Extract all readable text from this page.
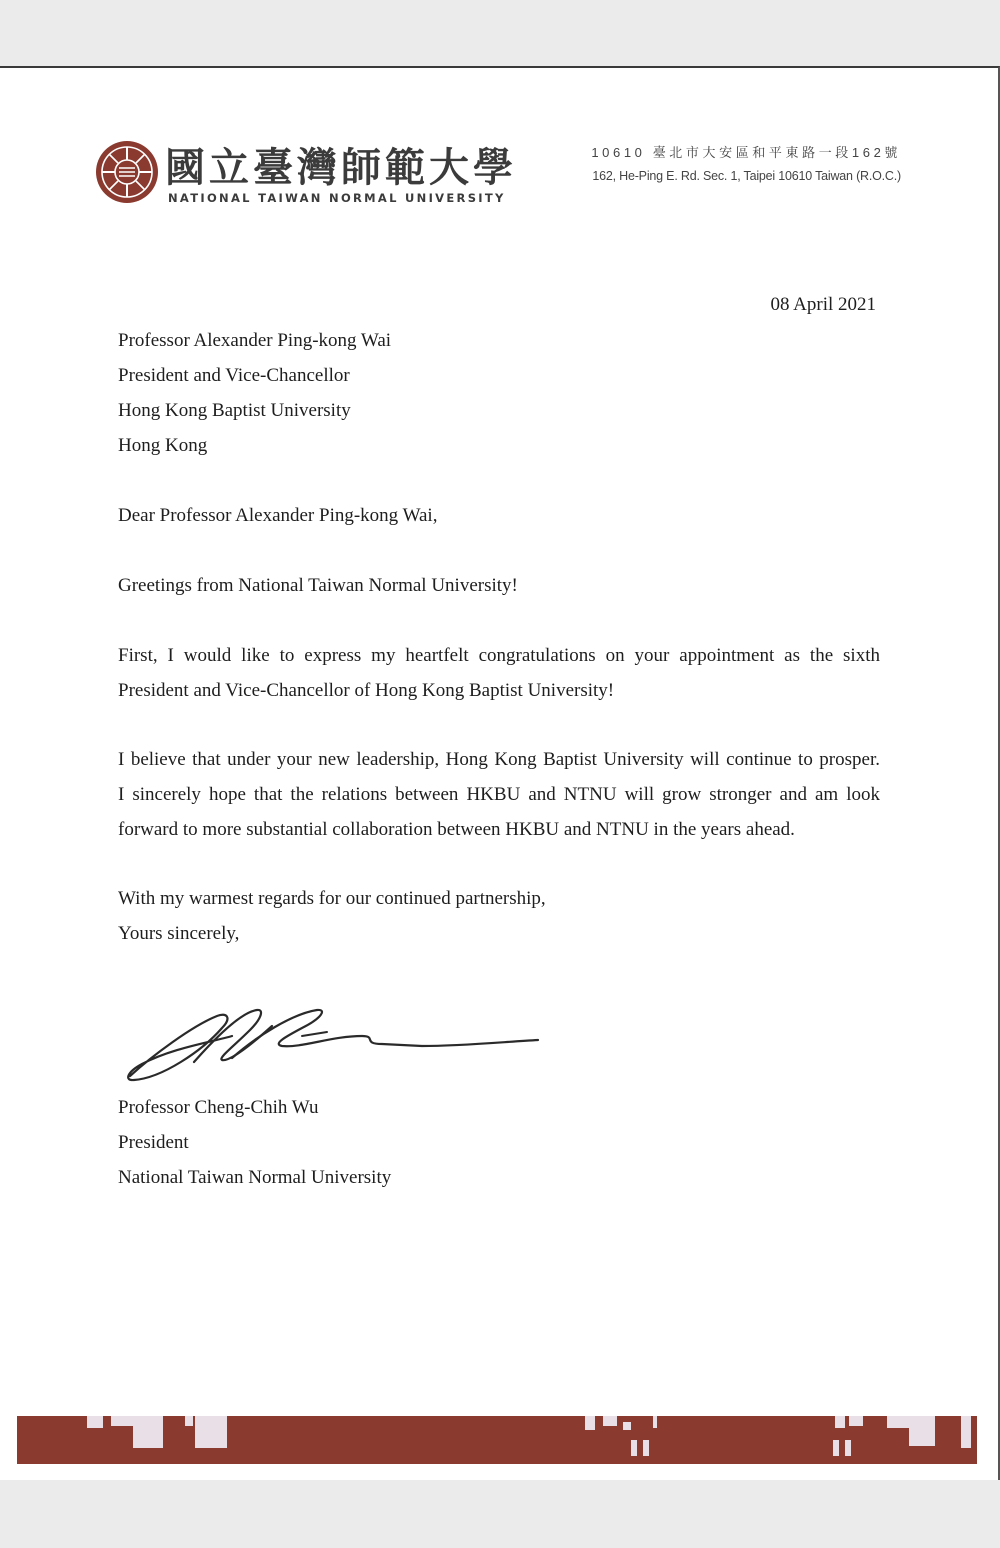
國立臺灣師範大學
NATIONAL TAIWAN NORMAL UNIVERSITY
10610 臺北市大安區和平東路一段162號
162, He-Ping E. Rd. Sec. 1, Taipei 10610 Taiwan (R.O.C.)
08 April 2021
Professor Alexander Ping-kong Wai
President and Vice-Chancellor
Hong Kong Baptist University
Hong Kong
Dear Professor Alexander Ping-kong Wai,
Greetings from National Taiwan Normal University!
First, I would like to express my heartfelt congratulations on your appointment as the sixth
President and Vice-Chancellor of Hong Kong Baptist University!
I believe that under your new leadership, Hong Kong Baptist University will continue to prosper.
I sincerely hope that the relations between HKBU and NTNU will grow stronger and am look
forward to more substantial collaboration between HKBU and NTNU in the years ahead.
With my warmest regards for our continued partnership,
Yours sincerely,
Professor Cheng-Chih Wu
President
National Taiwan Normal University
